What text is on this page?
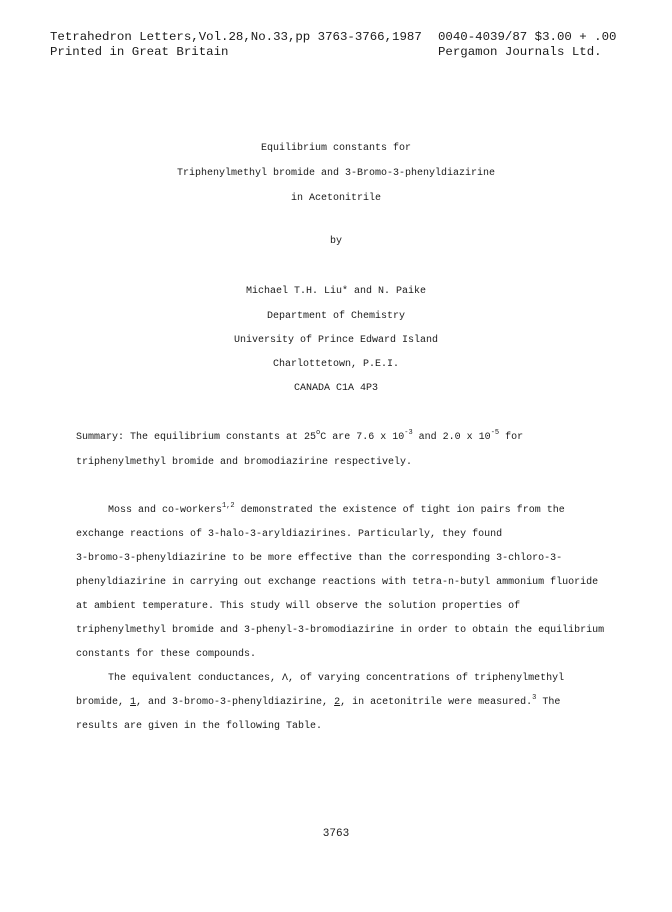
Tetrahedron Letters,Vol.28,No.33,pp 3763-3766,1987
Printed in Great Britain
0040-4039/87 $3.00 + .00
Pergamon Journals Ltd.
Equilibrium constants for
Triphenylmethyl bromide and 3-Bromo-3-phenyldiazirine
in Acetonitrile
by
Michael T.H. Liu* and N. Paike
Department of Chemistry
University of Prince Edward Island
Charlottetown, P.E.I.
CANADA C1A 4P3
Summary: The equilibrium constants at 25$^o$C are 7.6 x $10^{-3}$ and 2.0 x $10^{-5}$ for
triphenylmethyl bromide and bromodiazirine respectively.
Moss and co-workers$^{1,2}$ demonstrated the existence of tight ion pairs from the
exchange reactions of 3-halo-3-aryldiazirines. Particularly, they found
3-bromo-3-phenyldiazirine to be more effective than the corresponding 3-chloro-3-
phenyldiazirine in carrying out exchange reactions with tetra-n-butyl ammonium fluoride
at ambient temperature. This study will observe the solution properties of
triphenylmethyl bromide and 3-phenyl-3-bromodiazirine in order to obtain the equilibrium
constants for these compounds.
The equivalent conductances, Λ, of varying concentrations of triphenylmethyl
bromide, 1, and 3-bromo-3-phenyldiazirine, 2, in acetonitrile were measured.$^3$ The
results are given in the following Table.
3763
